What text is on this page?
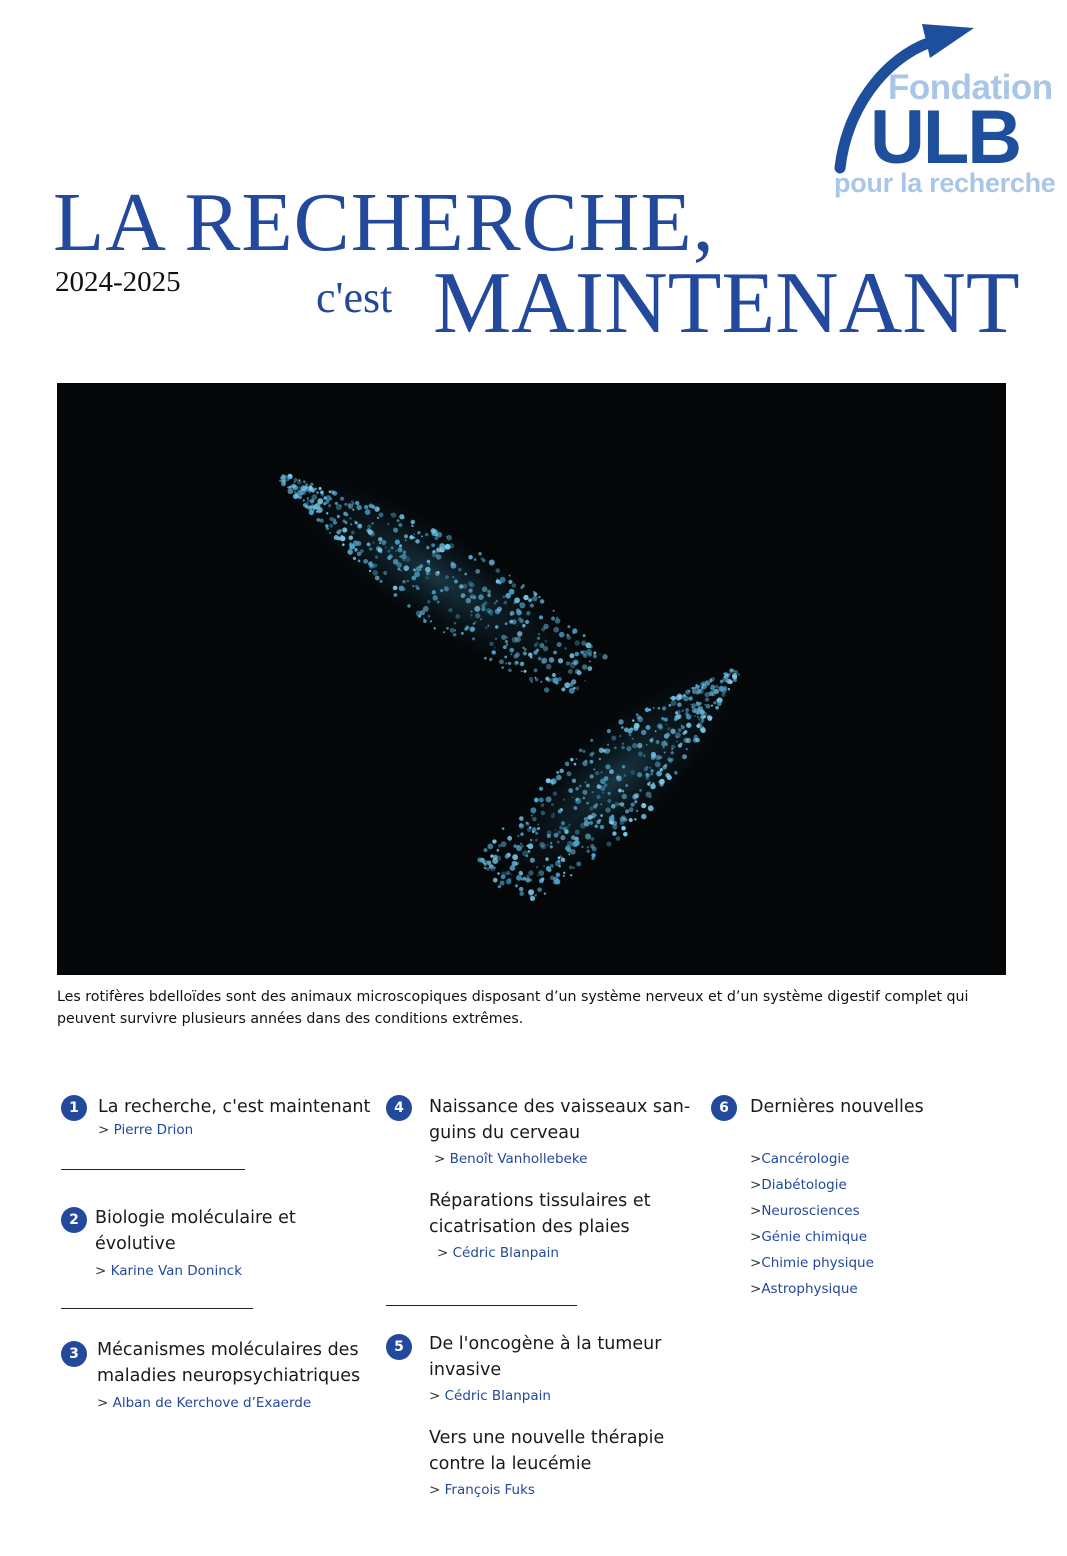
Fondation
ULB
pour la recherche
LA RECHERCHE,
2024-2025	c'est MAINTENANT
Les rotifères bdelloïdes sont des animaux microscopiques disposant d’un système nerveux et d’un système digestif complet qui peuvent survivre plusieurs années dans des conditions extrêmes.
1	La recherche, c'est maintenant
> Pierre Drion
2 Biologie moléculaire et évolutive
> Karine Van Doninck
3	Mécanismes moléculaires des maladies neuropsychiatriques
> Alban de Kerchove d’Exaerde
4	Naissance des vaisseaux san-
guins du cerveau
> Benoît Vanhollebeke
Réparations tissulaires et
cicatrisation des plaies
> Cédric Blanpain
5	De l'oncogène à la tumeur
invasive
> Cédric Blanpain
Vers une nouvelle thérapie
contre la leucémie
> François Fuks
6	Dernières nouvelles
>Cancérologie
>Diabétologie
>Neurosciences
>Génie chimique
>Chimie physique
>Astrophysique
